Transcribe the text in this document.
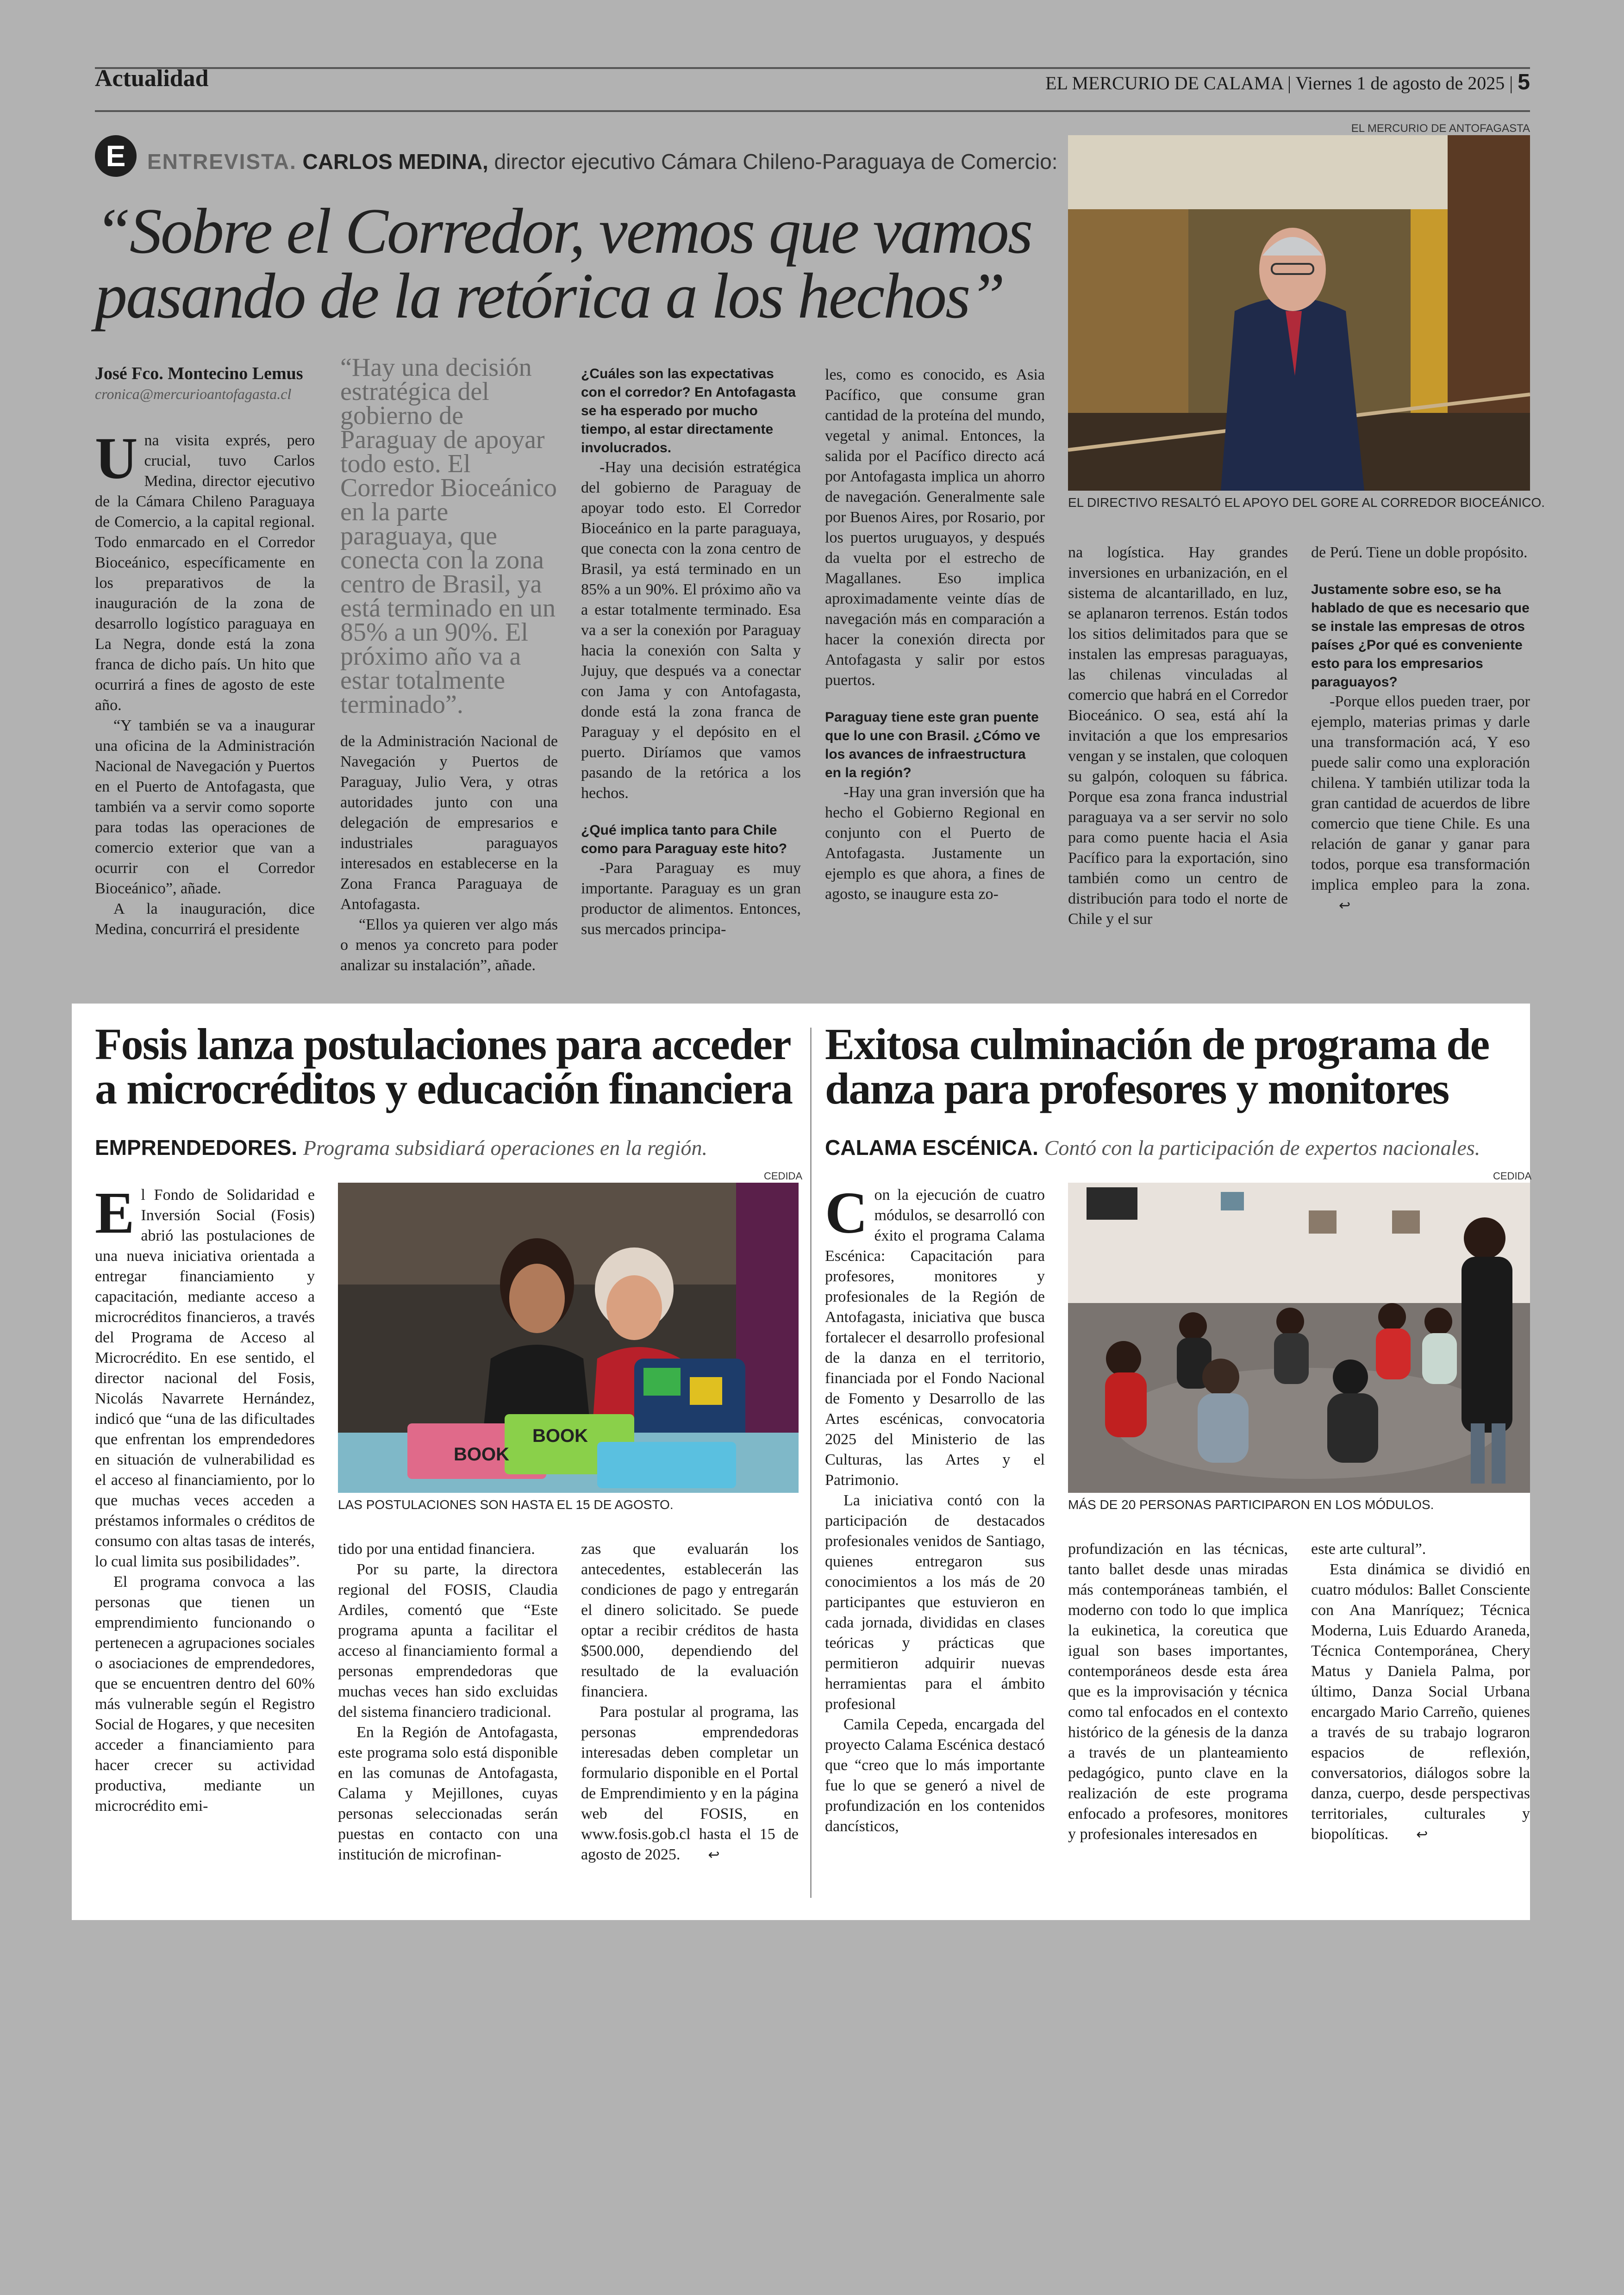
Actualidad	EL MERCURIO DE CALAMA | Viernes 1 de agosto de 2025 | 5
E	ENTREVISTA. CARLOS MEDINA, director ejecutivo Cámara Chileno-Paraguaya de Comercio:
“Sobre el Corredor, vemos que vamos
pasando de la retórica a los hechos”
José Fco. Montecino Lemus
cronica@mercurioantofagasta.cl
“Hay una decisión estratégica del gobierno de Paraguay de apoyar todo esto. El Corredor Bioceánico en la parte paraguaya, que conecta con la zona centro de Brasil, ya está terminado en un 85% a un 90%. El próximo año va a estar totalmente terminado”.
EL MERCURIO DE ANTOFAGASTA
EL DIRECTIVO RESALTÓ EL APOYO DEL GORE AL CORREDOR BIOCEÁNICO.

Una visita exprés, pero crucial, tuvo Carlos Medina, director ejecutivo de la Cámara Chileno Paraguaya de Comercio, a la capital regional. Todo enmarcado en el Corredor Bioceánico, específicamente en los preparativos de la inauguración de la zona de desarrollo logístico paraguaya en La Negra, donde está la zona franca de dicho país. Un hito que ocurrirá a fines de agosto de este año.

“Y también se va a inaugurar una oficina de la Administración Nacional de Navegación y Puertos en el Puerto de Antofagasta, que también va a servir como soporte para todas las operaciones de comercio exterior que van a ocurrir con el Corredor Bioceánico”, añade.

A la inauguración, dice Medina, concurrirá el presidente

de la Administración Nacional de Navegación y Puertos de Paraguay, Julio Vera, y otras autoridades junto con una delegación de empresarios e industriales paraguayos interesados en establecerse en la Zona Franca Paraguaya de Antofagasta.

“Ellos ya quieren ver algo más o menos ya concreto para poder analizar su instalación”, añade.

¿Cuáles son las expectativas con el corredor? En Antofagasta se ha esperado por mucho tiempo, al estar directamente involucrados.

-Hay una decisión estratégica del gobierno de Paraguay de apoyar todo esto. El Corredor Bioceánico en la parte paraguaya, que conecta con la zona centro de Brasil, ya está terminado en un 85% a un 90%. El próximo año va a estar totalmente terminado. Esa va a ser la conexión por Paraguay hacia la conexión con Salta y Jujuy, que después va a conectar con Jama y con Antofagasta, donde está la zona franca de Paraguay y el depósito en el puerto. Diríamos que vamos pasando de la retórica a los hechos.

¿Qué implica tanto para Chile como para Paraguay este hito?

-Para Paraguay es muy importante. Paraguay es un gran productor de alimentos. Entonces, sus mercados principa-

les, como es conocido, es Asia Pacífico, que consume gran cantidad de la proteína del mundo, vegetal y animal. Entonces, la salida por el Pacífico directo acá por Antofagasta implica un ahorro de navegación. Generalmente sale por Buenos Aires, por Rosario, por los puertos uruguayos, y después da vuelta por el estrecho de Magallanes. Eso implica aproximadamente veinte días de navegación más en comparación a hacer la conexión directa por Antofagasta y salir por estos puertos.

Paraguay tiene este gran puente que lo une con Brasil. ¿Cómo ve los avances de infraestructura en la región?

-Hay una gran inversión que ha hecho el Gobierno Regional en conjunto con el Puerto de Antofagasta. Justamente un ejemplo es que ahora, a fines de agosto, se inaugure esta zo-

na logística. Hay grandes inversiones en urbanización, en el sistema de alcantarillado, en luz, se aplanaron terrenos. Están todos los sitios delimitados para que se instalen las empresas paraguayas, las chilenas vinculadas al comercio que habrá en el Corredor Bioceánico. O sea, está ahí la invitación a que los empresarios vengan y se instalen, que coloquen su galpón, coloquen su fábrica. Porque esa zona franca industrial paraguaya va a ser servir no solo para como puente hacia el Asia Pacífico para la exportación, sino también como un centro de distribución para todo el norte de Chile y el sur

de Perú. Tiene un doble propósito.

Justamente sobre eso, se ha hablado de que es necesario que se instale las empresas de otros países ¿Por qué es conveniente esto para los empresarios paraguayos?

-Porque ellos pueden traer, por ejemplo, materias primas y darle una transformación acá, Y eso puede salir como una exploración chilena. Y también utilizar toda la gran cantidad de acuerdos de libre comercio que tiene Chile. Es una relación de ganar y ganar para todos, porque esa transformación implica empleo para la zona.↩

Fosis lanza postulaciones para acceder
a microcréditos y educación financiera
EMPRENDEDORES. Programa subsidiará operaciones en la región.
CEDIDA
BOOK
BOOK
LAS POSTULACIONES SON HASTA EL 15 DE AGOSTO.

El Fondo de Solidaridad e Inversión Social (Fosis) abrió las postulaciones de una nueva iniciativa orientada a entregar financiamiento y capacitación, mediante acceso a microcréditos financieros, a través del Programa de Acceso al Microcrédito. En ese sentido, el director nacional del Fosis, Nicolás Navarrete Hernández, indicó que “una de las dificultades que enfrentan los emprendedores en situación de vulnerabilidad es el acceso al financiamiento, por lo que muchas veces acceden a préstamos informales o créditos de consumo con altas tasas de interés, lo cual limita sus posibilidades”.

El programa convoca a las personas que tienen un emprendimiento funcionando o pertenecen a agrupaciones sociales o asociaciones de emprendedores, que se encuentren dentro del 60% más vulnerable según el Registro Social de Hogares, y que necesiten acceder a financiamiento para hacer crecer su actividad productiva, mediante un microcrédito emi-

tido por una entidad financiera.

Por su parte, la directora regional del FOSIS, Claudia Ardiles, comentó que “Este programa apunta a facilitar el acceso al financiamiento formal a personas emprendedoras que muchas veces han sido excluidas del sistema financiero tradicional.

En la Región de Antofagasta, este programa solo está disponible en las comunas de Antofagasta, Calama y Mejillones, cuyas personas seleccionadas serán puestas en contacto con una institución de microfinan-

zas que evaluarán los antecedentes, establecerán las condiciones de pago y entregarán el dinero solicitado. Se puede optar a recibir créditos de hasta $500.000, dependiendo del resultado de la evaluación financiera.

Para postular al programa, las personas emprendedoras interesadas deben completar un formulario disponible en el Portal de Emprendimiento y en la página web del FOSIS, en www.fosis.gob.cl hasta el 15 de agosto de 2025. ↩

Exitosa culminación de programa de
danza para profesores y monitores
CALAMA ESCÉNICA. Contó con la participación de expertos nacionales.
CEDIDA
MÁS DE 20 PERSONAS PARTICIPARON EN LOS MÓDULOS.

Con la ejecución de cuatro módulos, se desarrolló con éxito el programa Calama Escénica: Capacitación para profesores, monitores y profesionales de la Región de Antofagasta, iniciativa que busca fortalecer el desarrollo profesional de la danza en el territorio, financiada por el Fondo Nacional de Fomento y Desarrollo de las Artes escénicas, convocatoria 2025 del Ministerio de las Culturas, las Artes y el Patrimonio.

La iniciativa contó con la participación de destacados profesionales venidos de Santiago, quienes entregaron sus conocimientos a los más de 20 participantes que estuvieron en cada jornada, divididas en clases teóricas y prácticas que permitieron adquirir nuevas herramientas para el ámbito profesional

Camila Cepeda, encargada del proyecto Calama Escénica destacó que “creo que lo más importante fue lo que se generó a nivel de profundización en los contenidos dancísticos,

profundización en las técnicas, tanto ballet desde unas miradas más contemporáneas también, el moderno con todo lo que implica la eukinetica, la coreutica que igual son bases importantes, contemporáneos desde esta área que es la improvisación y técnica como tal enfocados en el contexto histórico de la génesis de la danza a través de un planteamiento pedagógico, punto clave en la realización de este programa enfocado a profesores, monitores y profesionales interesados en

este arte cultural”.

Esta dinámica se dividió en cuatro módulos: Ballet Consciente con Ana Manríquez; Técnica Moderna, Luis Eduardo Araneda, Técnica Contemporánea, Chery Matus y Daniela Palma, por último, Danza Social Urbana encargado Mario Carreño, quienes a través de su trabajo lograron espacios de reflexión, conversatorios, diálogos sobre la danza, cuerpo, desde perspectivas territoriales, culturales y biopolíticas. ↩
